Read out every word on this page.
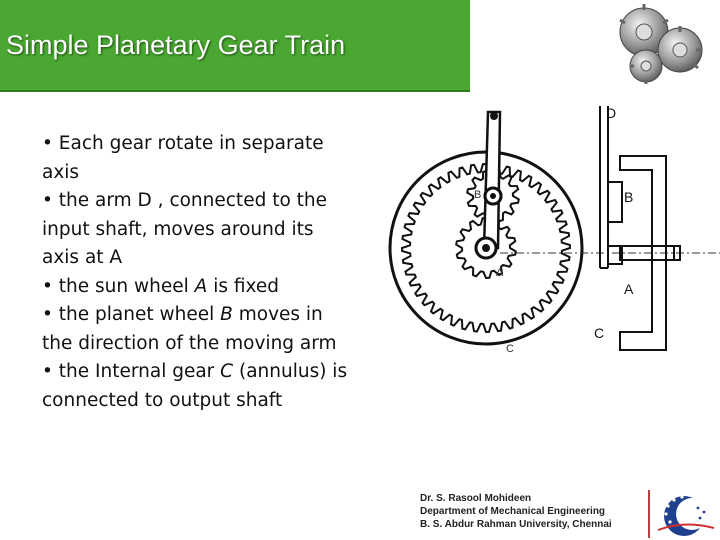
Simple Planetary Gear Train
• Each gear rotate in separate
axis
• the arm D , connected to the
input shaft, moves around its
axis at A
• the sun wheel A is fixed
• the planet wheel B moves in
the direction of the moving arm
• the Internal gear C (annulus) is
connected to output shaft
B
A
C
D
B
A
C
Dr. S. Rasool Mohideen
Department of Mechanical Engineering
B. S. Abdur Rahman University, Chennai
